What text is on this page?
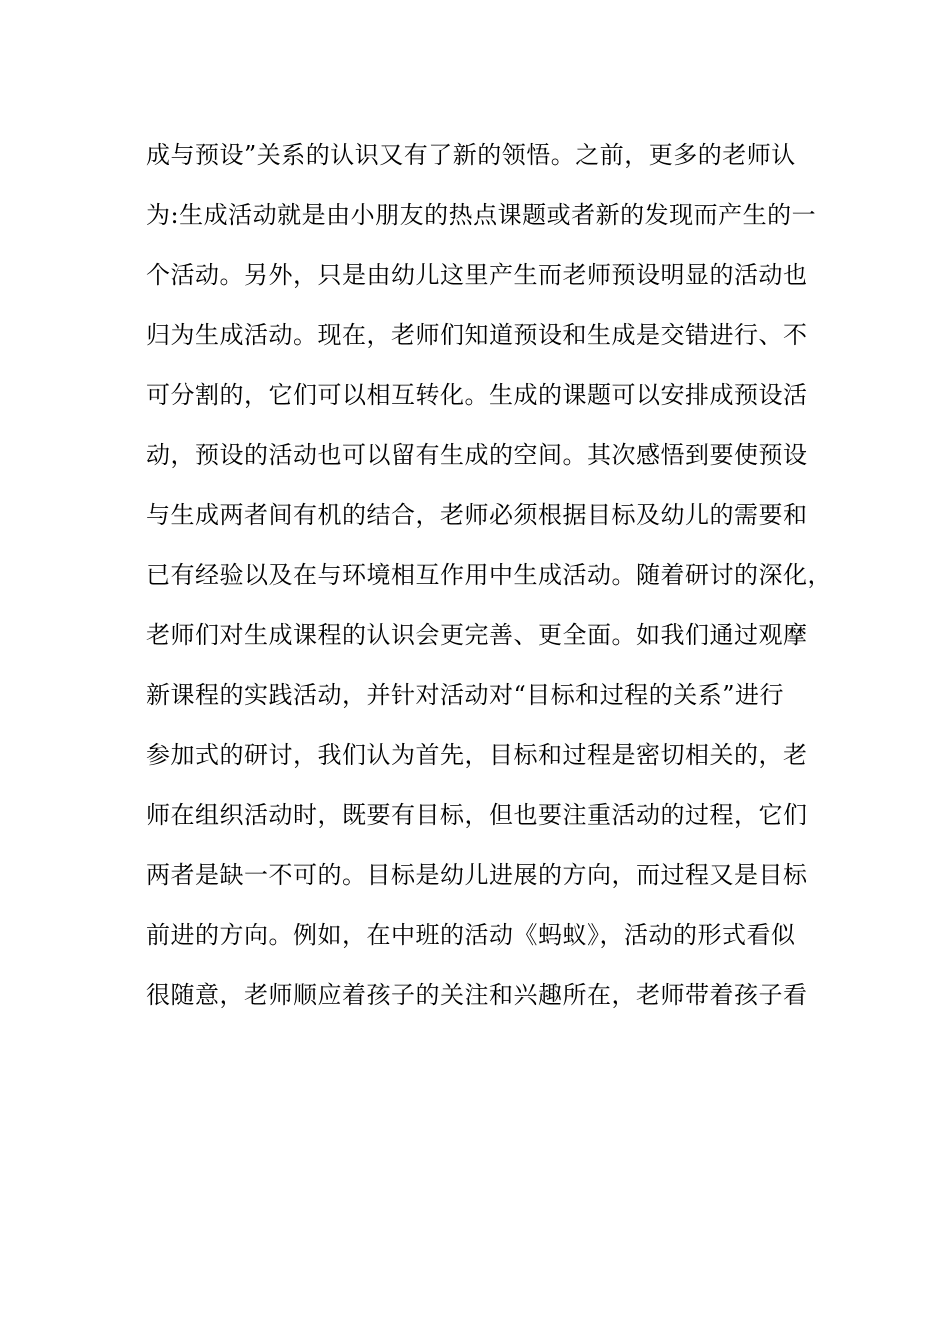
成与预设”关系的认识又有了新的领悟。之前，更多的老师认
为:生成活动就是由小朋友的热点课题或者新的发现而产生的一
个活动。另外，只是由幼儿这里产生而老师预设明显的活动也
归为生成活动。现在，老师们知道预设和生成是交错进行、不
可分割的，它们可以相互转化。生成的课题可以安排成预设活
动，预设的活动也可以留有生成的空间。其次感悟到要使预设
与生成两者间有机的结合，老师必须根据目标及幼儿的需要和
已有经验以及在与环境相互作用中生成活动。随着研讨的深化，
老师们对生成课程的认识会更完善、更全面。如我们通过观摩
新课程的实践活动，并针对活动对“目标和过程的关系”进行
参加式的研讨，我们认为首先，目标和过程是密切相关的，老
师在组织活动时，既要有目标，但也要注重活动的过程，它们
两者是缺一不可的。目标是幼儿进展的方向，而过程又是目标
前进的方向。例如，在中班的活动《蚂蚁》，活动的形式看似
很随意，老师顺应着孩子的关注和兴趣所在，老师带着孩子看
